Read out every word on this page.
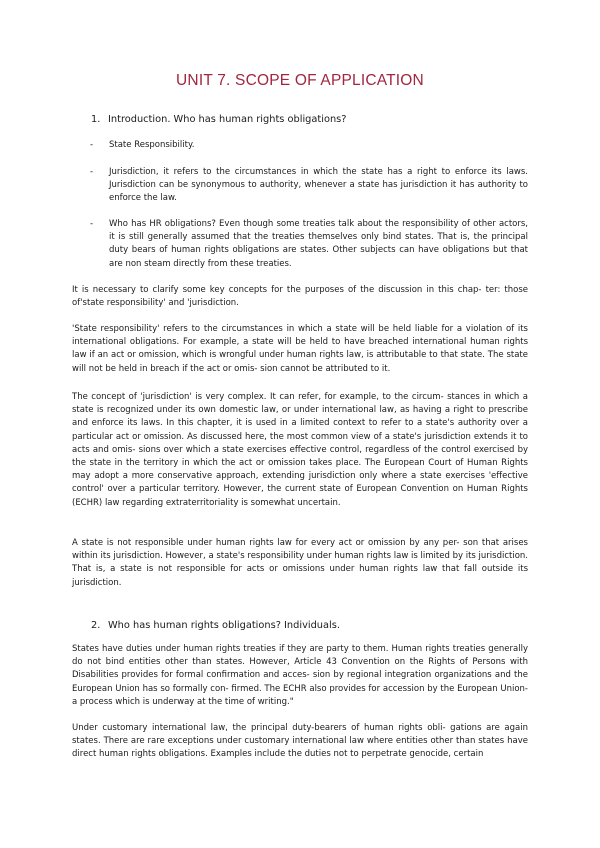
UNIT 7. SCOPE OF APPLICATION
1. Introduction. Who has human rights obligations?
- State Responsibility.
- Jurisdiction, it refers to the circumstances in which the state has a right to enforce its laws. Jurisdiction can be synonymous to authority, whenever a state has jurisdiction it has authority to enforce the law.
- Who has HR obligations? Even though some treaties talk about the responsibility of other actors, it is still generally assumed that the treaties themselves only bind states. That is, the principal duty bears of human rights obligations are states. Other subjects can have obligations but that are non steam directly from these treaties.
It is necessary to clarify some key concepts for the purposes of the discussion in this chap- ter: those of'state responsibility' and 'jurisdiction.
'State responsibility' refers to the circumstances in which a state will be held liable for a violation of its international obligations. For example, a state will be held to have breached international human rights law if an act or omission, which is wrongful under human rights law, is attributable to that state. The state will not be held in breach if the act or omis- sion cannot be attributed to it.
The concept of 'jurisdiction' is very complex. It can refer, for example, to the circum- stances in which a state is recognized under its own domestic law, or under international law, as having a right to prescribe and enforce its laws. In this chapter, it is used in a limited context to refer to a state's authority over a particular act or omission. As discussed here, the most common view of a state's jurisdiction extends it to acts and omis- sions over which a state exercises effective control, regardless of the control exercised by the state in the territory in which the act or omission takes place. The European Court of Human Rights may adopt a more conservative approach, extending jurisdiction only where a state exercises 'effective control' over a particular territory. However, the current state of European Convention on Human Rights (ECHR) law regarding extraterritoriality is somewhat uncertain.
A state is not responsible under human rights law for every act or omission by any per- son that arises within its jurisdiction. However, a state's responsibility under human rights law is limited by its jurisdiction. That is, a state is not responsible for acts or omissions under human rights law that fall outside its jurisdiction.
2. Who has human rights obligations? Individuals.
States have duties under human rights treaties if they are party to them. Human rights treaties generally do not bind entities other than states. However, Article 43 Convention on the Rights of Persons with Disabilities provides for formal confirmation and acces- sion by regional integration organizations and the European Union has so formally con- firmed. The ECHR also provides for accession by the European Union- a process which is underway at the time of writing."
Under customary international law, the principal duty-bearers of human rights obli- gations are again states. There are rare exceptions under customary international law where entities other than states have direct human rights obligations. Examples include the duties not to perpetrate genocide, certain
